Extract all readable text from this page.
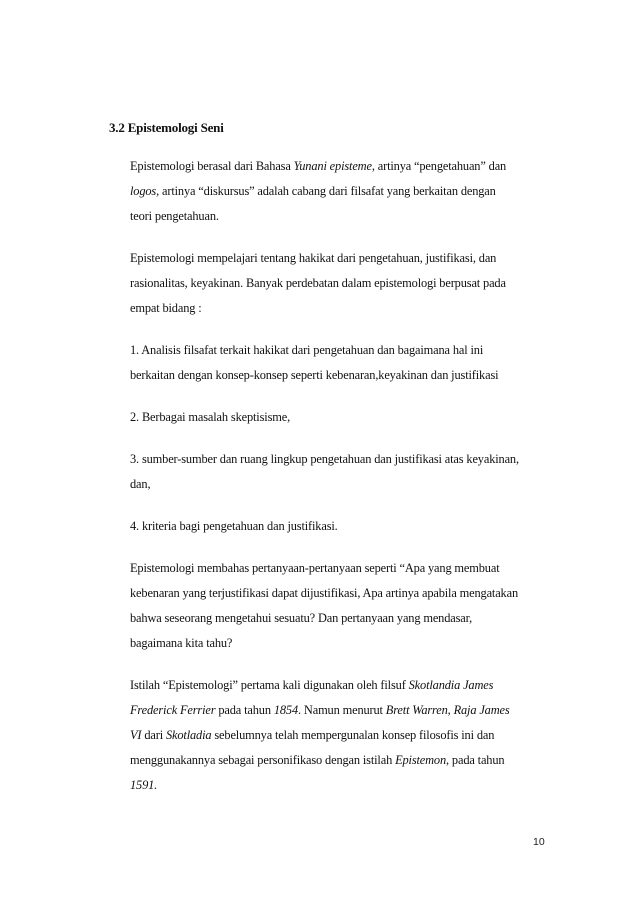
3.2 Epistemologi Seni
Epistemologi berasal dari Bahasa Yunani episteme, artinya “pengetahuan” dan
logos, artinya “diskursus” adalah cabang dari filsafat yang berkaitan dengan
teori pengetahuan.
Epistemologi mempelajari tentang hakikat dari pengetahuan, justifikasi, dan
rasionalitas, keyakinan. Banyak perdebatan dalam epistemologi berpusat pada
empat bidang :
1. Analisis filsafat terkait hakikat dari pengetahuan dan bagaimana hal ini
berkaitan dengan konsep-konsep seperti kebenaran,keyakinan dan justifikasi
2. Berbagai masalah skeptisisme,
3. sumber-sumber dan ruang lingkup pengetahuan dan justifikasi atas keyakinan,
dan,
4. kriteria bagi pengetahuan dan justifikasi.
Epistemologi membahas pertanyaan-pertanyaan seperti “Apa yang membuat
kebenaran yang terjustifikasi dapat dijustifikasi, Apa artinya apabila mengatakan
bahwa seseorang mengetahui sesuatu? Dan pertanyaan yang mendasar,
bagaimana kita tahu?
Istilah “Epistemologi” pertama kali digunakan oleh filsuf Skotlandia James
Frederick Ferrier pada tahun 1854. Namun menurut Brett Warren, Raja James
VI dari Skotladia sebelumnya telah mempergunalan konsep filosofis ini dan
menggunakannya sebagai personifikaso dengan istilah Epistemon, pada tahun
1591.
10
